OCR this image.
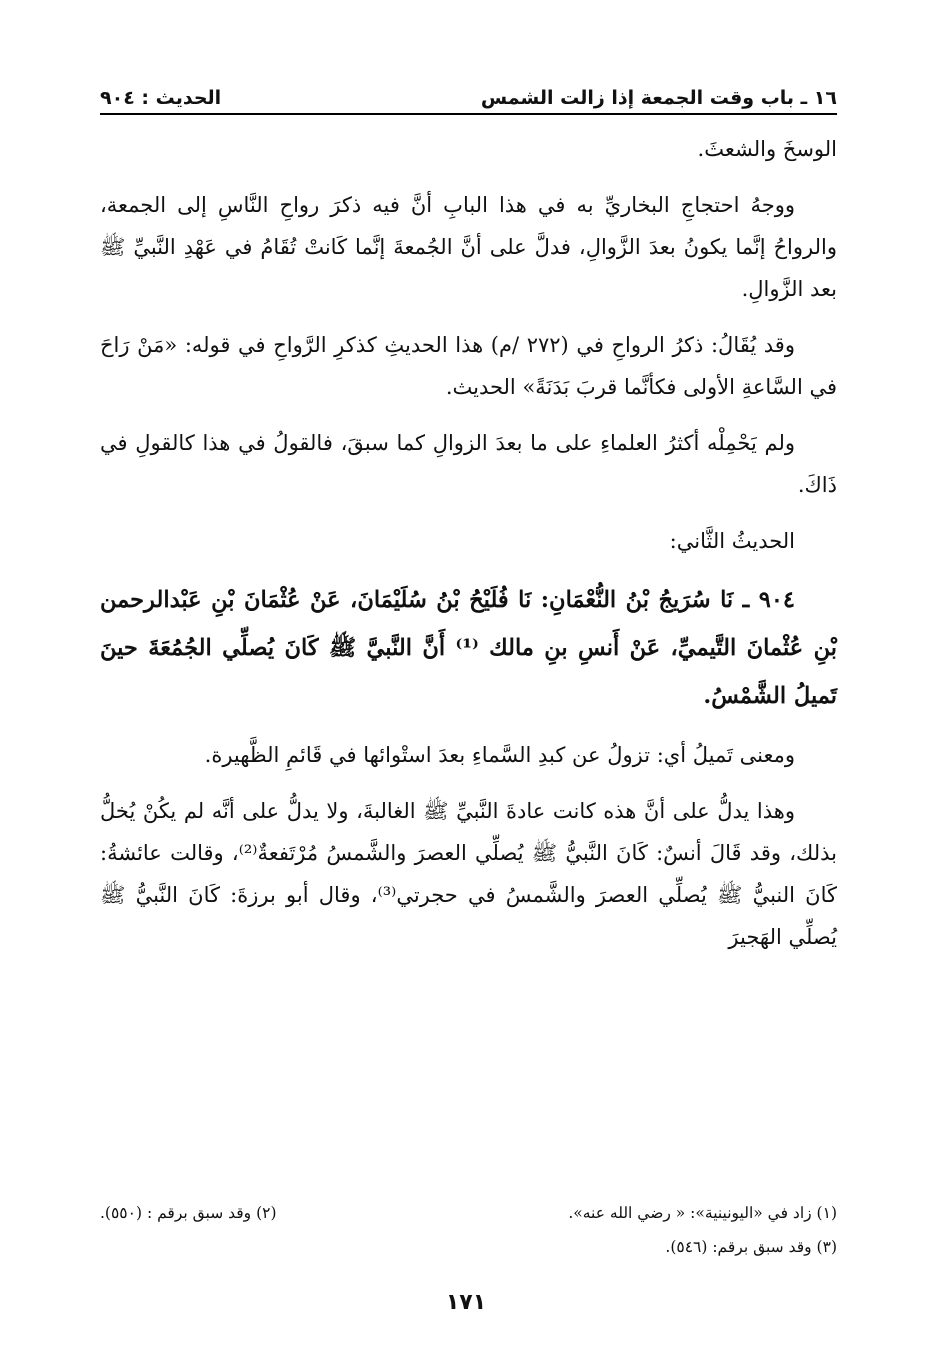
١٦ ـ باب وقت الجمعة إذا زالت الشمس
الحديث : ٩٠٤

الوسخَ والشعثَ.

ووجهُ احتجاجِ البخاريِّ به في هذا البابِ أنَّ فيه ذكرَ رواحِ النَّاسِ إلى الجمعة، والرواحُ إنَّما يكونُ بعدَ الزَّوالِ، فدلَّ على أنَّ الجُمعةَ إنَّما كَانتْ تُقَامُ في عَهْدِ النَّبيِّ ﷺ بعد الزَّوالِ.

وقد يُقَالُ: ذكرُ الرواحِ في (٢٧٢ /م) هذا الحديثِ كذكرِ الرَّواحِ في قوله: «مَنْ رَاحَ في السَّاعةِ الأولى فكأنَّما قربَ بَدَنَةً» الحديث.

ولم يَحْمِلْه أكثرُ العلماءِ على ما بعدَ الزوالِ كما سبقَ، فالقولُ في هذا كالقولِ في ذَاكَ.

الحديثُ الثَّاني:

٩٠٤ ـ نَا سُرَيجُ بْنُ النُّعْمَانِ: نَا فُلَيْحُ بْنُ سُلَيْمَانَ، عَنْ عُثْمَانَ بْنِ عَبْدالرحمن بْنِ عُثْمانَ التَّيميِّ، عَنْ أَنسِ بنِ مالك ⁽¹⁾ أَنَّ النَّبيَّ ﷺ كَانَ يُصلِّي الجُمُعَةَ حينَ تَميلُ الشَّمْسُ.

ومعنى تَميلُ أي: تزولُ عن كبدِ السَّماءِ بعدَ استْوائها في قَائمِ الظَّهيرة.

وهذا يدلُّ على أنَّ هذه كانت عادةَ النَّبيِّ ﷺ الغالبةَ، ولا يدلُّ على أنَّه لم يكُنْ يُخلُّ بذلك، وقد قَالَ أنسٌ: كَانَ النَّبيُّ ﷺ يُصلِّي العصرَ والشَّمسُ مُرْتَفعةٌ⁽²⁾، وقالت عائشةُ: كَانَ النبيُّ ﷺ يُصلِّي العصرَ والشَّمسُ في حجرتي⁽³⁾، وقال أبو برزةَ: كَانَ النَّبيُّ ﷺ يُصلِّي الهَجيرَ

(١) زاد في «اليونينية»: « رضي الله عنه».
(٢) وقد سبق برقم : (٥٥٠).
(٣) وقد سبق برقم: (٥٤٦).
١٧١
